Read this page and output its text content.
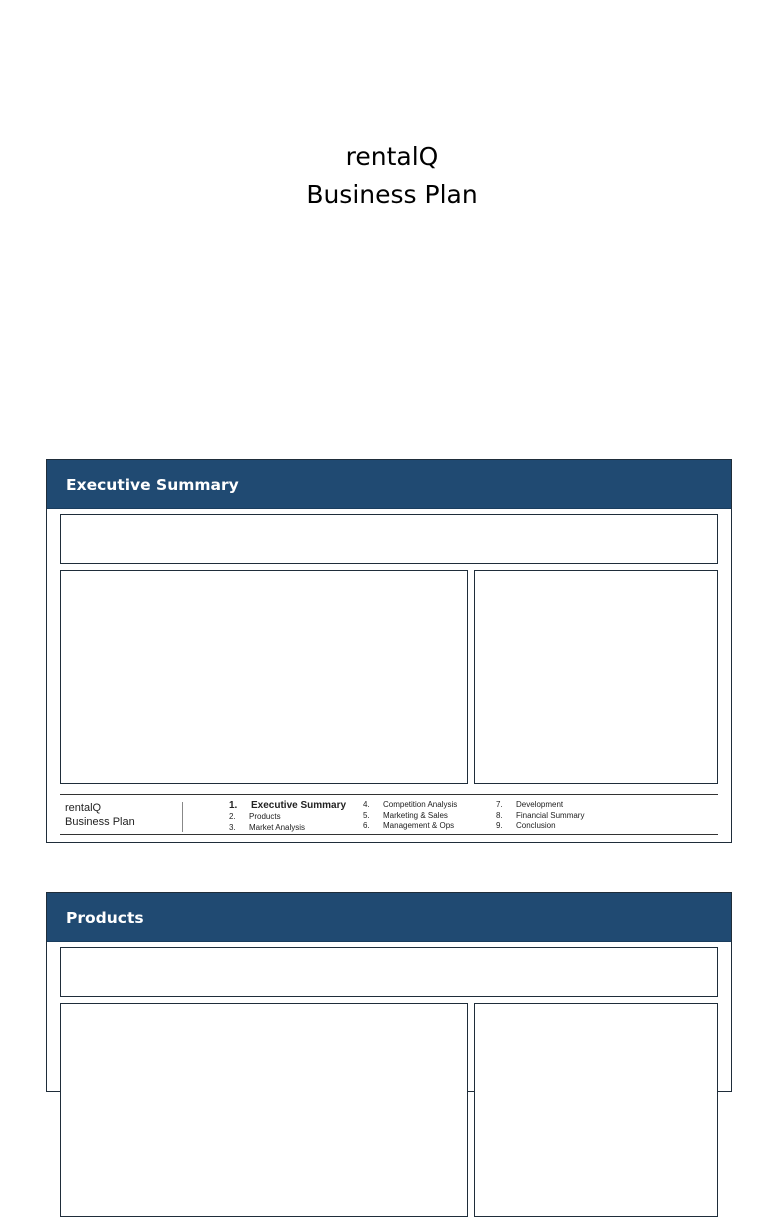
rentalQ
Business Plan
Executive Summary
rentalQ
Business Plan
1. Executive Summary
2. Products
3. Market Analysis
4. Competition Analysis
5. Marketing & Sales
6. Management & Ops
7. Development
8. Financial Summary
9. Conclusion
Products
